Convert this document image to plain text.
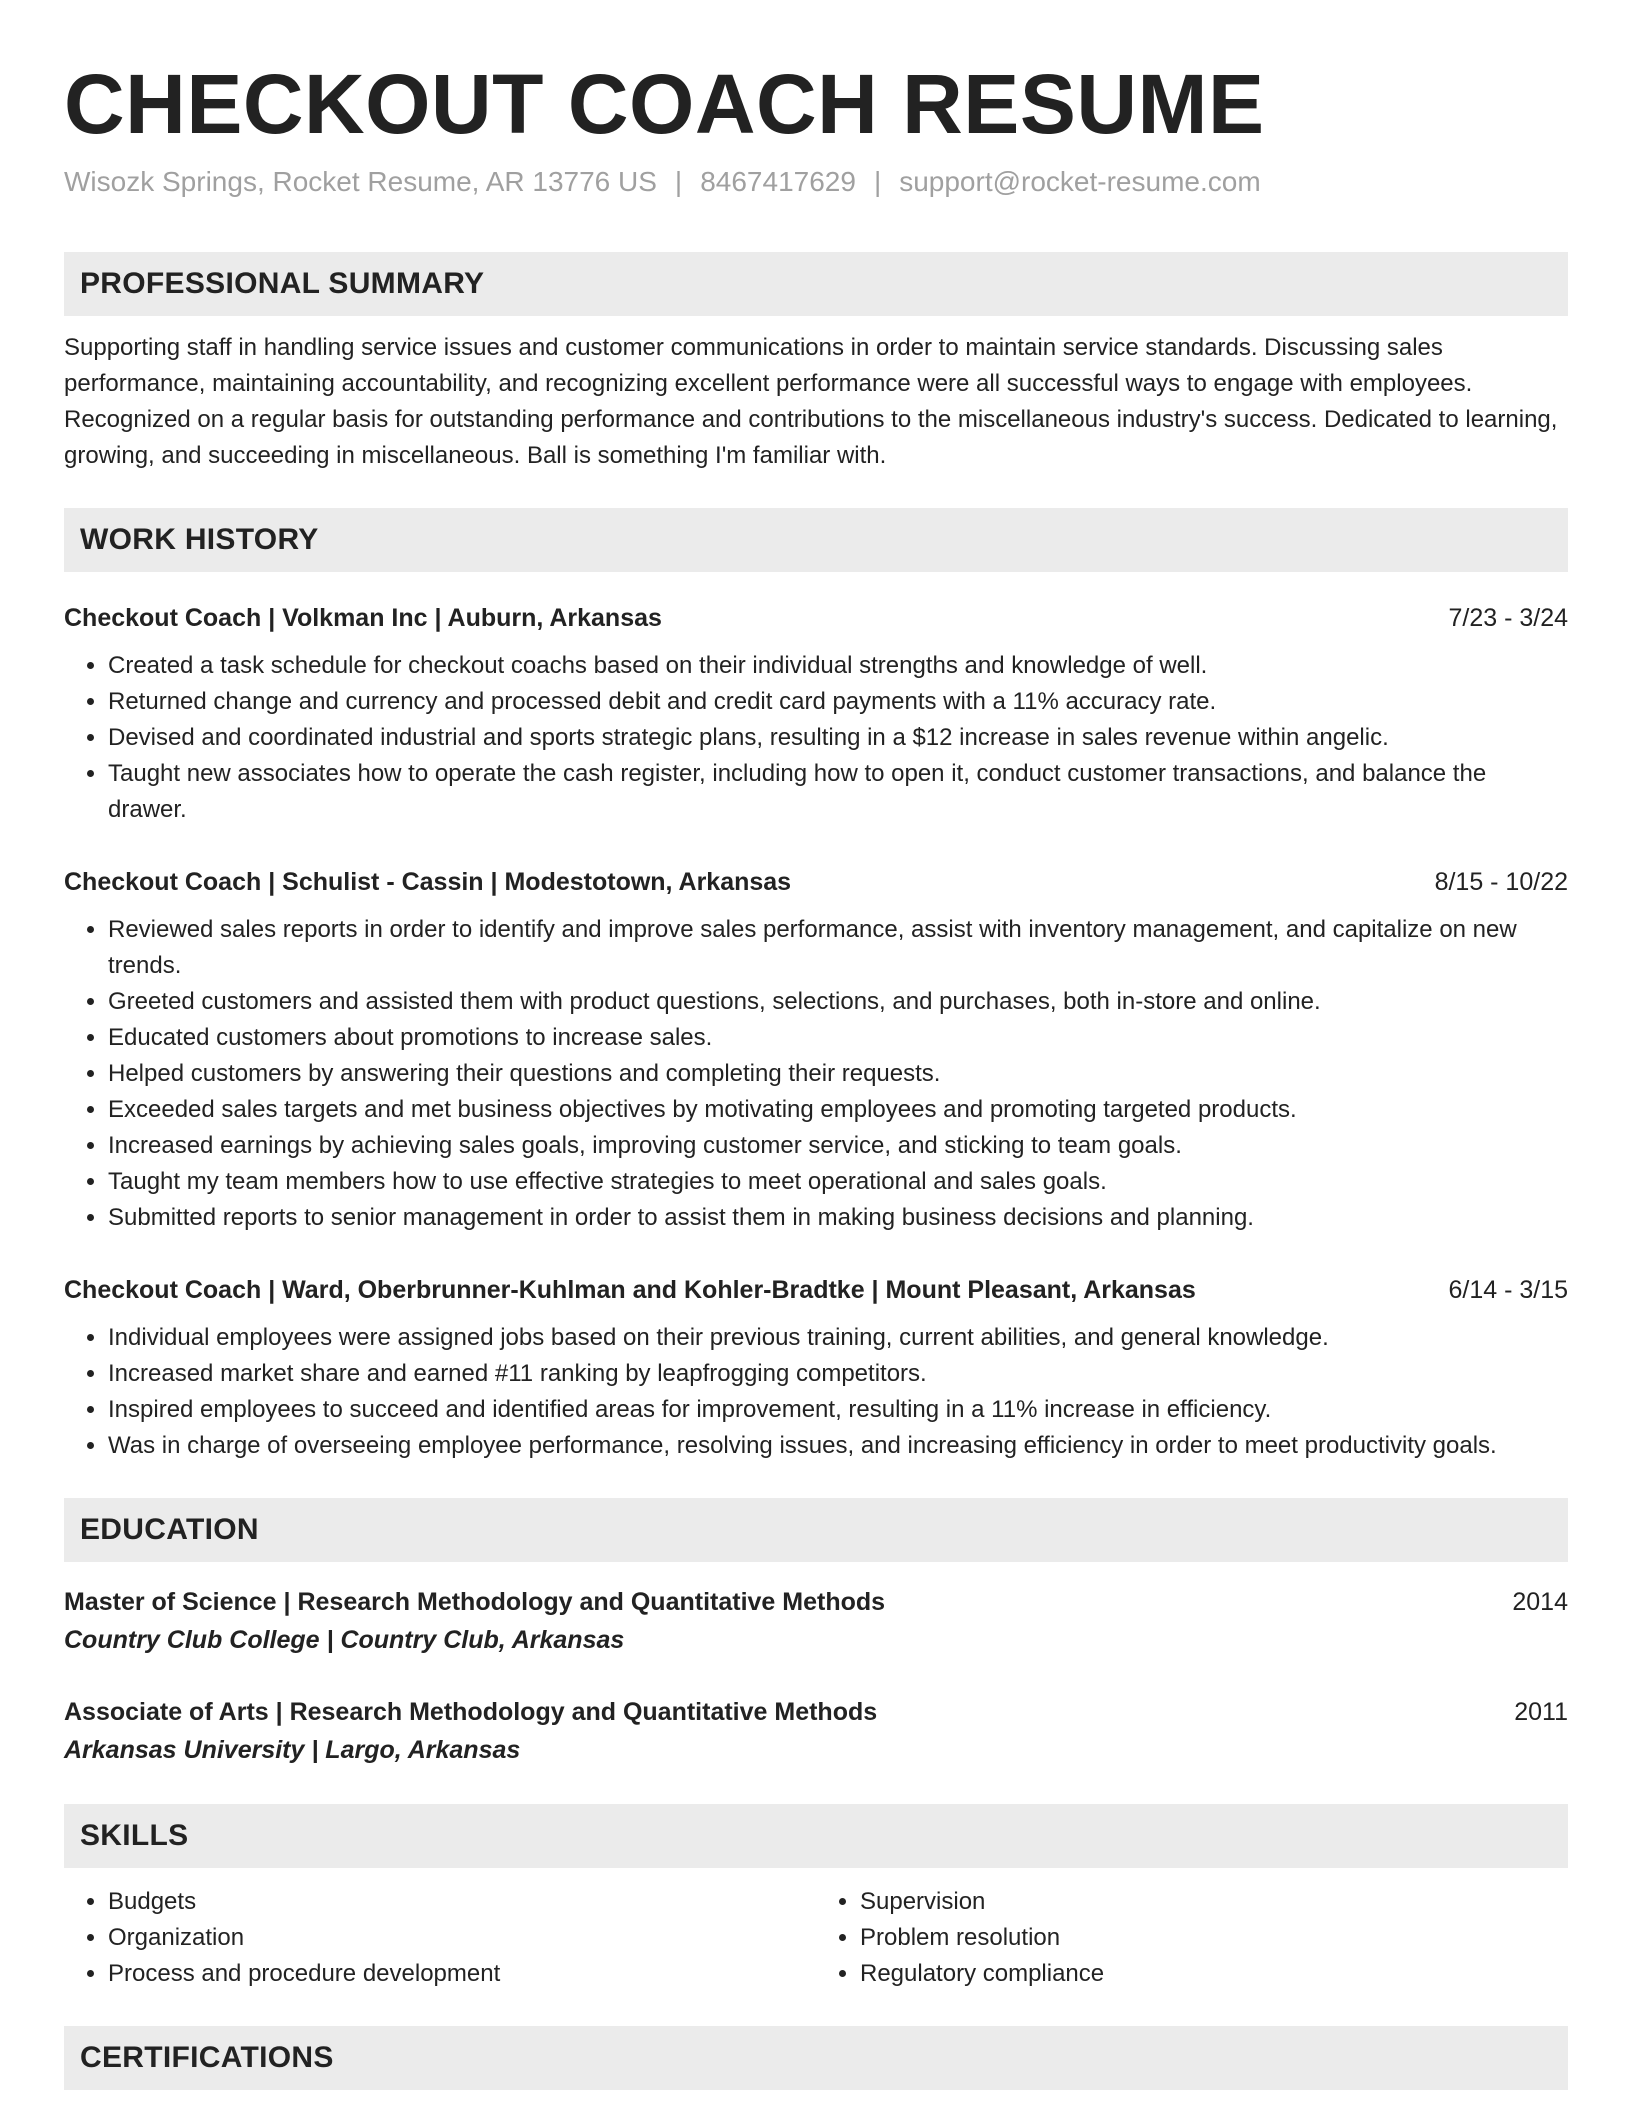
CHECKOUT COACH RESUME
Wisozk Springs, Rocket Resume, AR 13776 US | 8467417629 | support@rocket-resume.com
PROFESSIONAL SUMMARY

Supporting staff in handling service issues and customer communications in order to maintain service standards. Discussing sales performance, maintaining accountability, and recognizing excellent performance were all successful ways to engage with employees. Recognized on a regular basis for outstanding performance and contributions to the miscellaneous industry's success. Dedicated to learning, growing, and succeeding in miscellaneous. Ball is something I'm familiar with.

WORK HISTORY
Checkout Coach | Volkman Inc | Auburn, Arkansas	7/23 - 3/24
• Created a task schedule for checkout coachs based on their individual strengths and knowledge of well.
• Returned change and currency and processed debit and credit card payments with a 11% accuracy rate.
• Devised and coordinated industrial and sports strategic plans, resulting in a $12 increase in sales revenue within angelic.
• Taught new associates how to operate the cash register, including how to open it, conduct customer transactions, and balance the drawer.
Checkout Coach | Schulist - Cassin | Modestotown, Arkansas	8/15 - 10/22
• Reviewed sales reports in order to identify and improve sales performance, assist with inventory management, and capitalize on new trends.
• Greeted customers and assisted them with product questions, selections, and purchases, both in-store and online.
• Educated customers about promotions to increase sales.
• Helped customers by answering their questions and completing their requests.
• Exceeded sales targets and met business objectives by motivating employees and promoting targeted products.
• Increased earnings by achieving sales goals, improving customer service, and sticking to team goals.
• Taught my team members how to use effective strategies to meet operational and sales goals.
• Submitted reports to senior management in order to assist them in making business decisions and planning.
Checkout Coach | Ward, Oberbrunner-Kuhlman and Kohler-Bradtke | Mount Pleasant, Arkansas	6/14 - 3/15
• Individual employees were assigned jobs based on their previous training, current abilities, and general knowledge.
• Increased market share and earned #11 ranking by leapfrogging competitors.
• Inspired employees to succeed and identified areas for improvement, resulting in a 11% increase in efficiency.
• Was in charge of overseeing employee performance, resolving issues, and increasing efficiency in order to meet productivity goals.
EDUCATION
Master of Science | Research Methodology and Quantitative Methods	2014
Country Club College | Country Club, Arkansas
Associate of Arts | Research Methodology and Quantitative Methods	2011
Arkansas University | Largo, Arkansas
SKILLS
• Budgets
• Organization
• Process and procedure development
• Supervision
• Problem resolution
• Regulatory compliance
CERTIFICATIONS
